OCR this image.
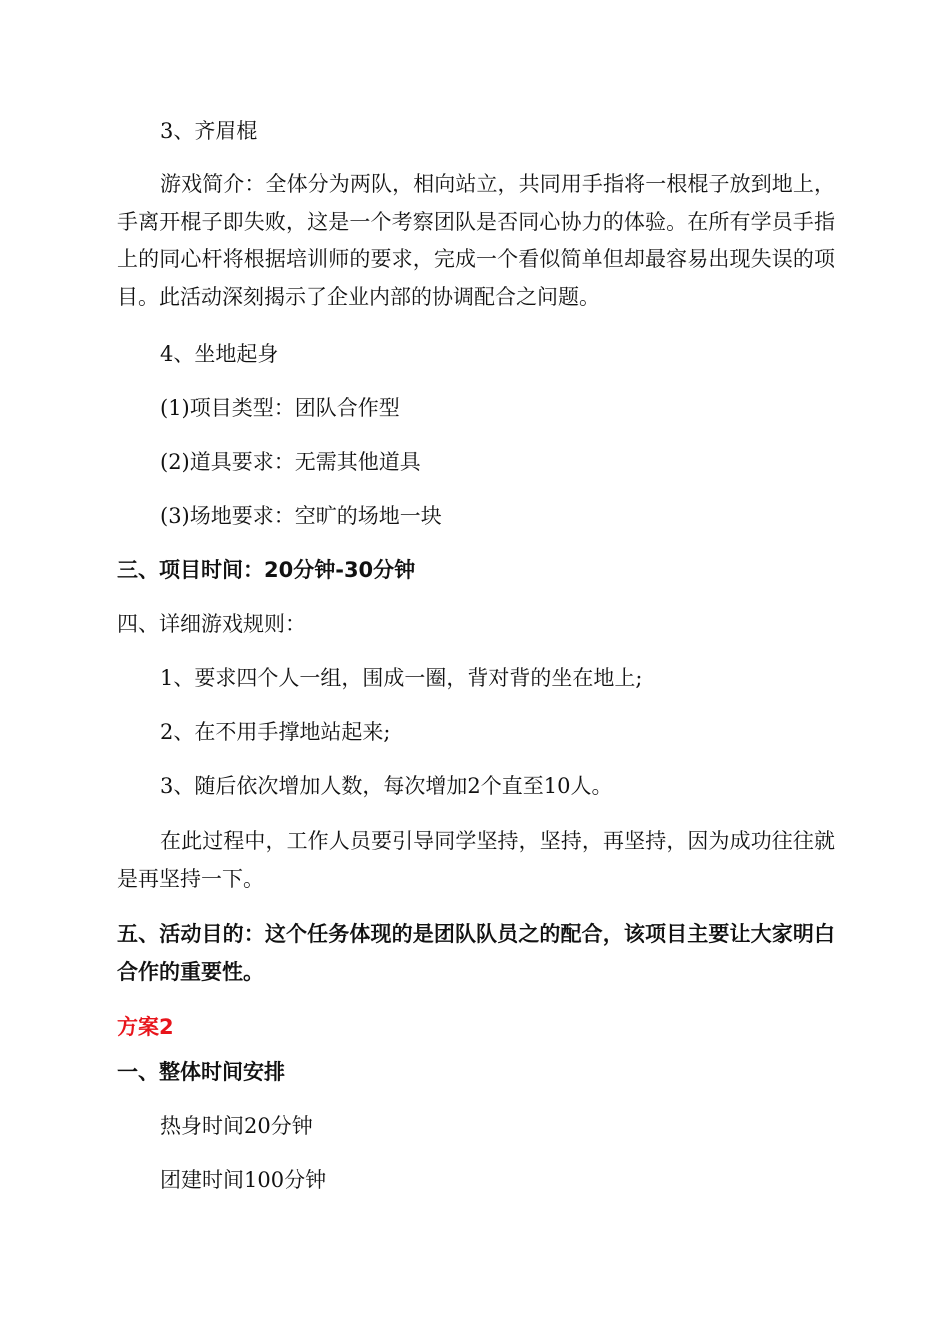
3、齐眉棍
游戏简介：全体分为两队，相向站立，共同用手指将一根棍子放到地上，手离开棍子即失败，这是一个考察团队是否同心协力的体验。在所有学员手指上的同心杆将根据培训师的要求，完成一个看似简单但却最容易出现失误的项目。此活动深刻揭示了企业内部的协调配合之问题。
4、坐地起身
(1)项目类型：团队合作型
(2)道具要求：无需其他道具
(3)场地要求：空旷的场地一块
三、项目时间：20分钟-30分钟
四、详细游戏规则：
1、要求四个人一组，围成一圈，背对背的坐在地上;
2、在不用手撑地站起来;
3、随后依次增加人数，每次增加2个直至10人。
在此过程中，工作人员要引导同学坚持，坚持，再坚持，因为成功往往就是再坚持一下。
五、活动目的：这个任务体现的是团队队员之的配合，该项目主要让大家明白合作的重要性。
方案2
一、整体时间安排
热身时间20分钟
团建时间100分钟
